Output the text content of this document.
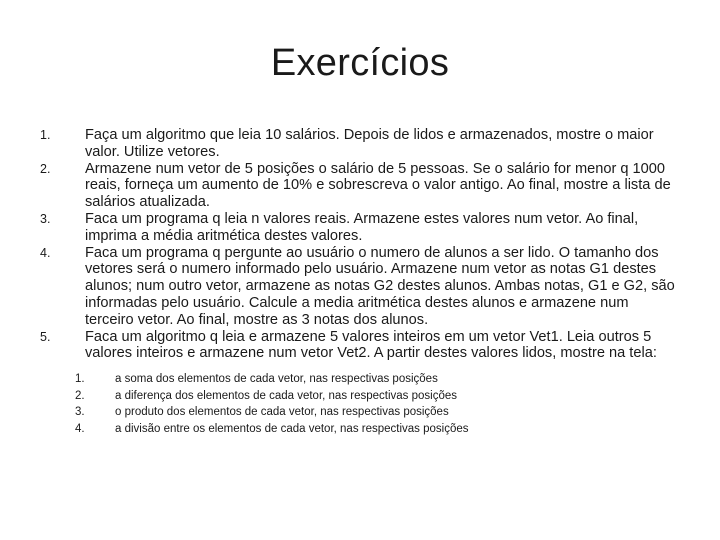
Exercícios
1.	Faça um algoritmo que leia 10 salários. Depois de lidos e armazenados, mostre o maior valor. Utilize vetores.
2.	Armazene num vetor de 5 posições o salário de 5 pessoas. Se o salário for menor q 1000 reais, forneça um aumento de 10% e sobrescreva o valor antigo. Ao final, mostre a lista de salários atualizada.
3.	Faca um programa q leia n valores reais. Armazene estes valores num vetor. Ao final, imprima a média aritmética destes valores.
4.	Faca um programa q pergunte ao usuário o numero de alunos a ser lido. O tamanho dos vetores será o numero informado pelo usuário. Armazene num vetor as notas G1 destes alunos; num outro vetor, armazene as notas G2 destes alunos. Ambas notas, G1 e G2, são informadas pelo usuário. Calcule a media aritmética destes alunos e armazene num terceiro vetor. Ao final, mostre as 3 notas dos alunos.
5.	Faca um algoritmo q leia e armazene 5 valores inteiros em um vetor Vet1. Leia outros 5 valores inteiros e armazene num vetor Vet2. A partir destes valores lidos, mostre na tela:
1.	a soma dos elementos de cada vetor, nas respectivas posições
2.	a diferença dos elementos de cada vetor, nas respectivas posições
3.	o produto dos elementos de cada vetor, nas respectivas posições
4.	a divisão entre os elementos de cada vetor, nas respectivas posições
